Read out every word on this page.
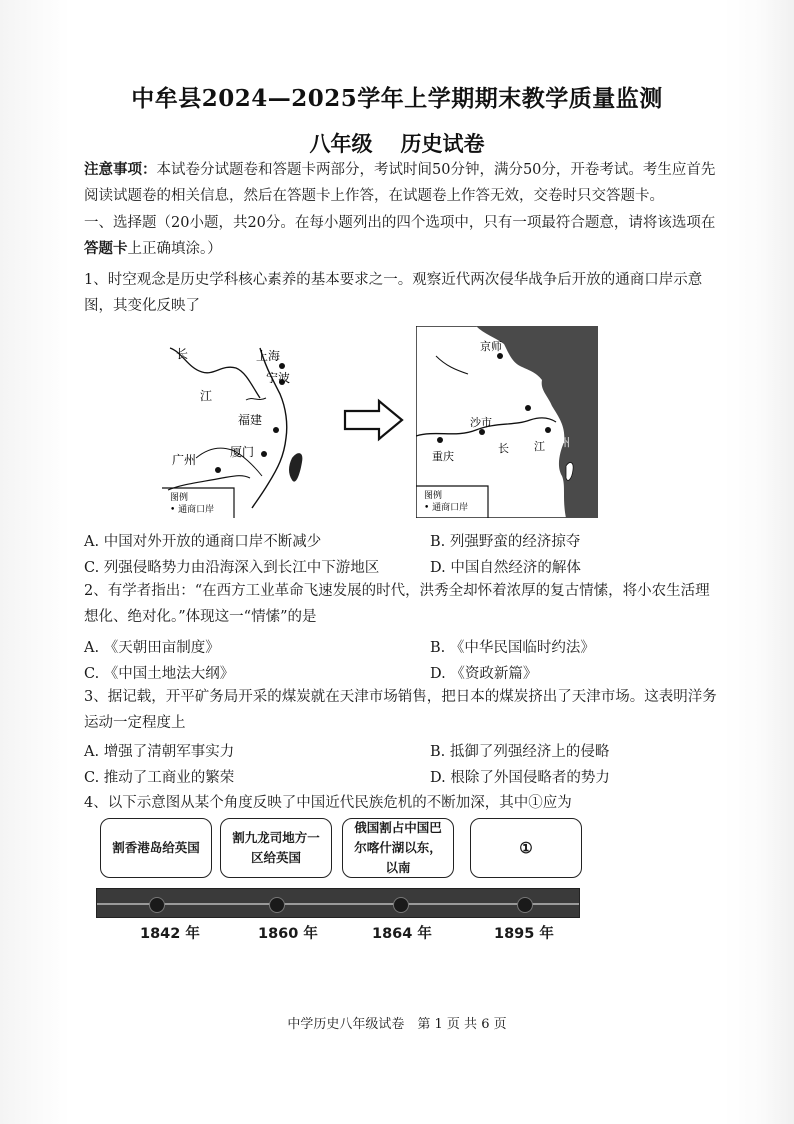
中牟县2024—2025学年上学期期末教学质量监测
八年级 历史试卷
注意事项：本试卷分试题卷和答题卡两部分，考试时间50分钟，满分50分，开卷考试。考生应首先
阅读试题卷的相关信息，然后在答题卡上作答，在试题卷上作答无效，交卷时只交答题卡。
一、选择题（20小题，共20分。在每小题列出的四个选项中，只有一项最符合题意，请将该选项在
答题卡上正确填涂。）
1、时空观念是历史学科核心素养的基本要求之一。观察近代两次侵华战争后开放的通商口岸示意
图，其变化反映了
长
江
上海
宁波
福建
厦门
广州
图例
• 通商口岸
京师
苏州
沙市
长 江 杭州
重庆
图例
• 通商口岸
A. 中国对外开放的通商口岸不断减少	B. 列强野蛮的经济掠夺
C. 列强侵略势力由沿海深入到长江中下游地区	D. 中国自然经济的解体
2、有学者指出：“在西方工业革命飞速发展的时代，洪秀全却怀着浓厚的复古情愫，将小农生活理
想化、绝对化。”体现这一“情愫”的是
A. 《天朝田亩制度》	B. 《中华民国临时约法》
C. 《中国土地法大纲》	D. 《资政新篇》
3、据记载，开平矿务局开采的煤炭就在天津市场销售，把日本的煤炭挤出了天津市场。这表明洋务
运动一定程度上
A. 增强了清朝军事实力	B. 抵御了列强经济上的侵略
C. 推动了工商业的繁荣	D. 根除了外国侵略者的势力
4、以下示意图从某个角度反映了中国近代民族危机的不断加深，其中①应为
割香港岛给英国
割九龙司地方一区给英国
俄国割占中国巴尔喀什湖以东，以南
①
1842 年	1860 年	1864 年	1895 年
中学历史八年级试卷　第 1 页 共 6 页
